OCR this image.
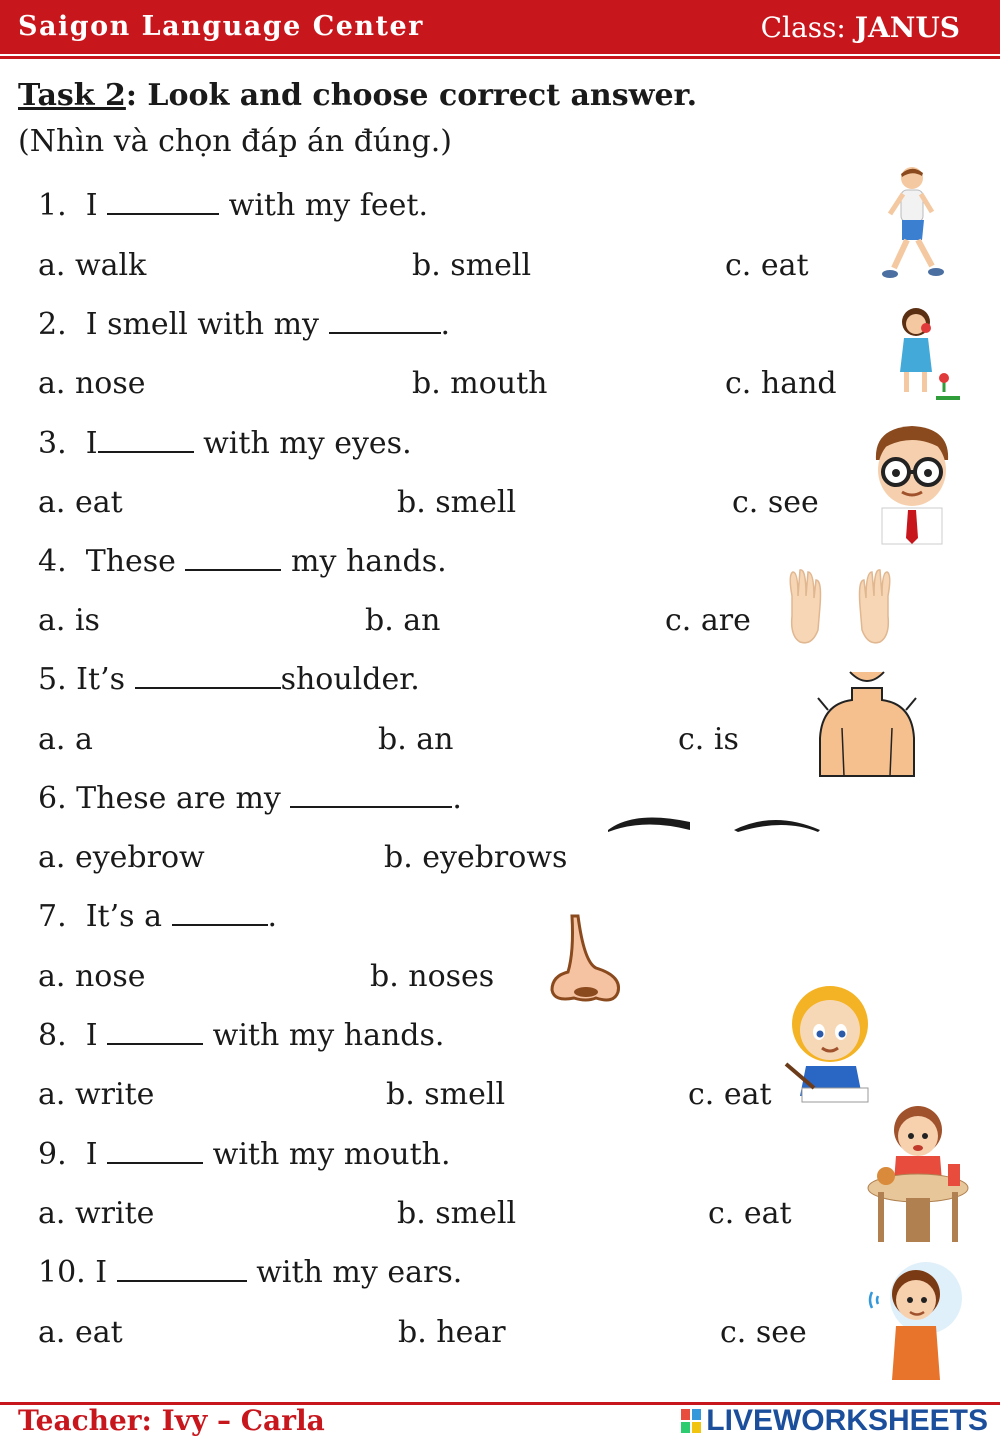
Saigon Language Center	Class: JANUS
Task 2: Look and choose correct answer.
(Nhìn và chọn đáp án đúng.)
1. I	with my feet.
a. walk	b. smell	c. eat
2. I smell with my	.
a. nose	b. mouth	c. hand
3. I	with my eyes.
a. eat	b. smell	c. see
4. These	my hands.
a. is	b. an	c. are
5. It’s	shoulder.
a. a	b. an	c. is
6. These are my	.
a. eyebrow	b. eyebrows
7. It’s a	.
a. nose	b. noses
8. I	with my hands.
a. write	b. smell	c. eat
9. I	with my mouth.
a. write	b. smell	c. eat
10. I	with my ears.
a. eat	b. hear	c. see
Teacher: Ivy – Carla	LIVEWORKSHEETS
